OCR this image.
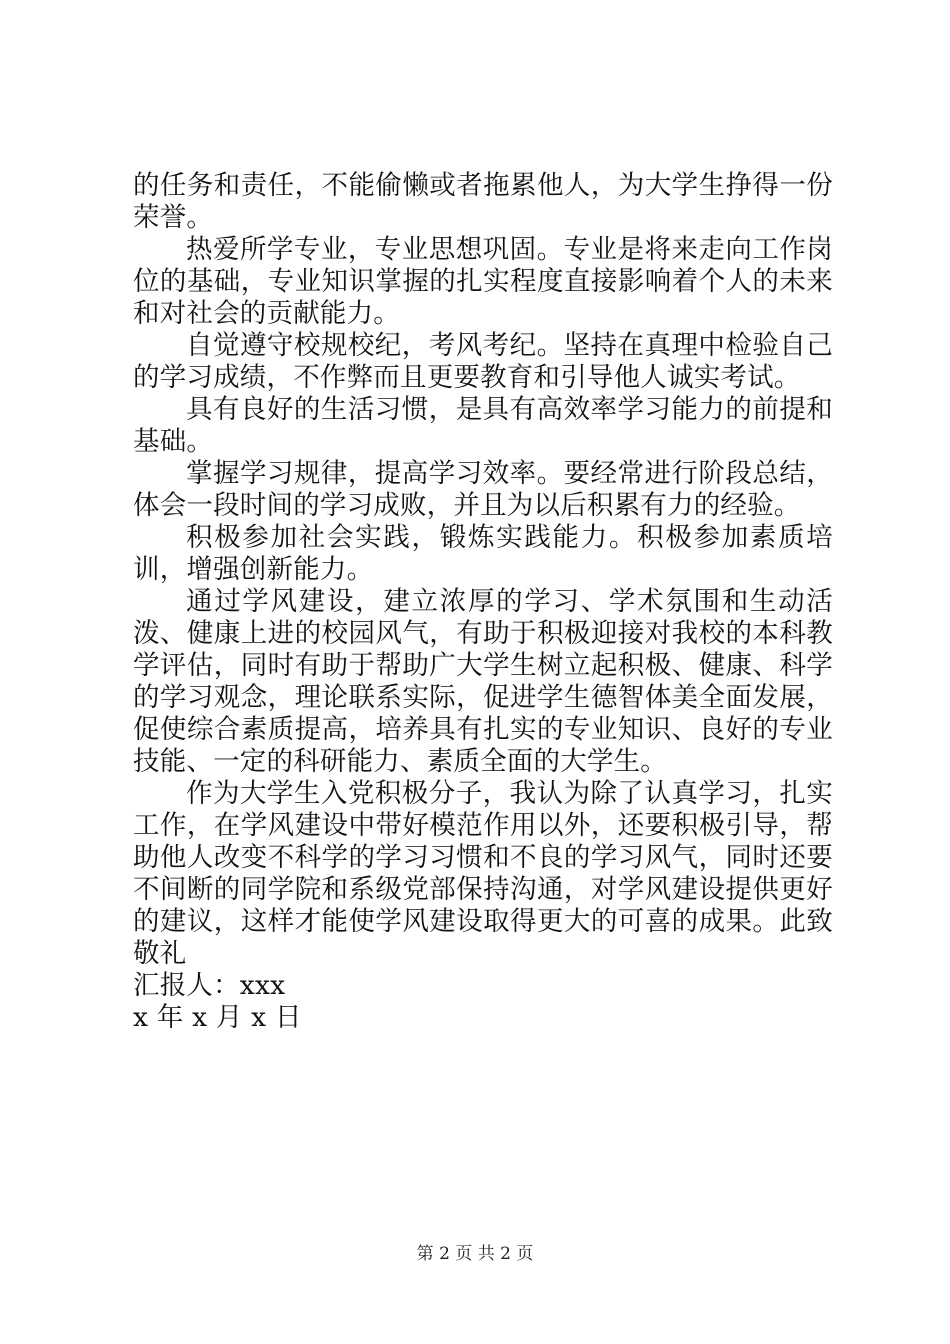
的任务和责任，不能偷懒或者拖累他人，为大学生挣得一份荣誉。

热爱所学专业，专业思想巩固。专业是将来走向工作岗位的基础，专业知识掌握的扎实程度直接影响着个人的未来和对社会的贡献能力。

自觉遵守校规校纪，考风考纪。坚持在真理中检验自己的学习成绩，不作弊而且更要教育和引导他人诚实考试。

具有良好的生活习惯，是具有高效率学习能力的前提和基础。

掌握学习规律，提高学习效率。要经常进行阶段总结，体会一段时间的学习成败，并且为以后积累有力的经验。

积极参加社会实践，锻炼实践能力。积极参加素质培训，增强创新能力。

通过学风建设，建立浓厚的学习、学术氛围和生动活泼、健康上进的校园风气，有助于积极迎接对我校的本科教学评估，同时有助于帮助广大学生树立起积极、健康、科学的学习观念，理论联系实际，促进学生德智体美全面发展，促使综合素质提高，培养具有扎实的专业知识、良好的专业技能、一定的科研能力、素质全面的大学生。

作为大学生入党积极分子，我认为除了认真学习，扎实工作，在学风建设中带好模范作用以外，还要积极引导，帮助他人改变不科学的学习习惯和不良的学习风气，同时还要不间断的同学院和系级党部保持沟通，对学风建设提供更好的建议，这样才能使学风建设取得更大的可喜的成果。此致敬礼

汇报人：xxx

x 年 x 月 x 日

第 2 页 共 2 页
